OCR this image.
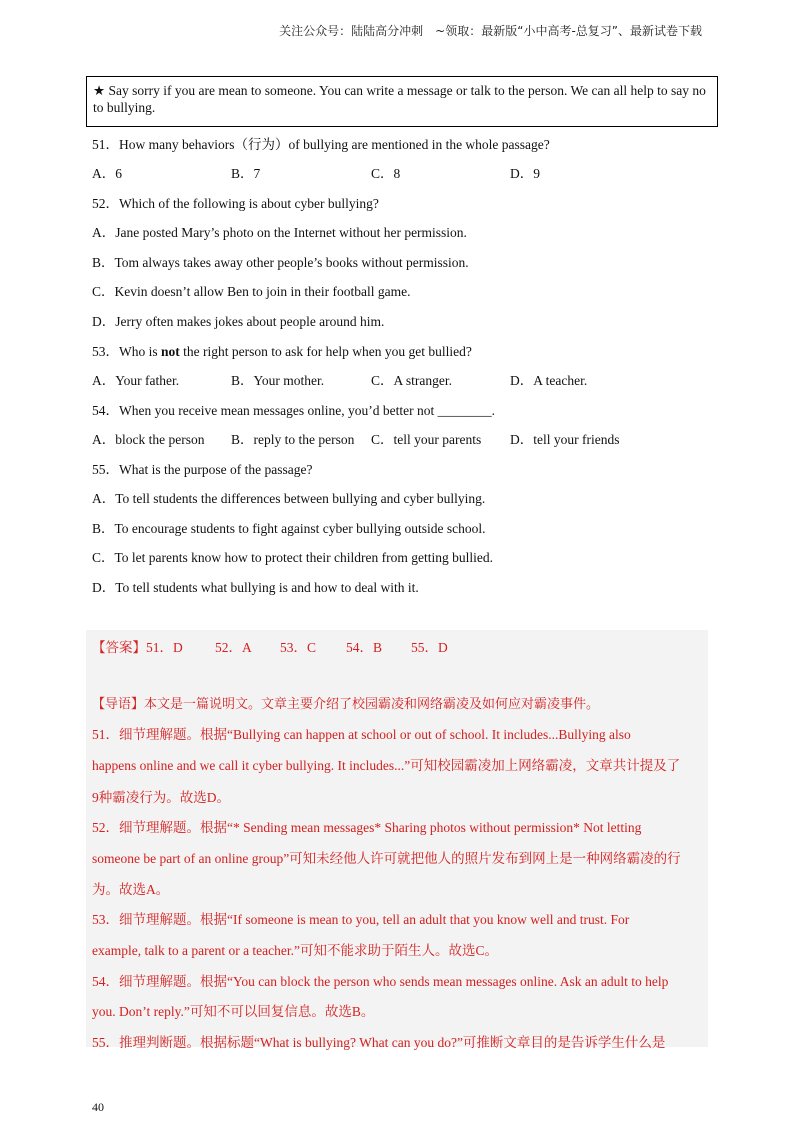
关注公众号：陆陆高分冲刺　~领取：最新版“小中高考-总复习”、最新试卷下载
★ Say sorry if you are mean to someone. You can write a message or talk to the person. We can all help to say no to bullying.
51．How many behaviors（行为）of bullying are mentioned in the whole passage?
A．6	B．7	C．8	D．9
52．Which of the following is about cyber bullying?
A．Jane posted Mary’s photo on the Internet without her permission.
B．Tom always takes away other people’s books without permission.
C．Kevin doesn’t allow Ben to join in their football game.
D．Jerry often makes jokes about people around him.
53．Who is not the right person to ask for help when you get bullied?
A．Your father.	B．Your mother.	C．A stranger.	D．A teacher.
54．When you receive mean messages online, you’d better not ________.
A．block the person B．reply to the person C．tell your parents D．tell your friends
55．What is the purpose of the passage?
A．To tell students the differences between bullying and cyber bullying.
B．To encourage students to fight against cyber bullying outside school.
C．To let parents know how to protect their children from getting bullied.
D．To tell students what bullying is and how to deal with it.
【答案】51．D 52．A 53．C 54．B 55．D
【导语】本文是一篇说明文。文章主要介绍了校园霸凌和网络霸凌及如何应对霸凌事件。
51．细节理解题。根据“Bullying can happen at school or out of school. It includes...Bullying also
happens online and we call it cyber bullying. It includes...”可知校园霸凌加上网络霸凌，文章共计提及了
9种霸凌行为。故选D。
52．细节理解题。根据“* Sending mean messages* Sharing photos without permission* Not letting
someone be part of an online group”可知未经他人许可就把他人的照片发布到网上是一种网络霸凌的行
为。故选A。
53．细节理解题。根据“If someone is mean to you, tell an adult that you know well and trust. For
example, talk to a parent or a teacher.”可知不能求助于陌生人。故选C。
54．细节理解题。根据“You can block the person who sends mean messages online. Ask an adult to help
you. Don’t reply.”可知不可以回复信息。故选B。
55．推理判断题。根据标题“What is bullying? What can you do?”可推断文章目的是告诉学生什么是
40
